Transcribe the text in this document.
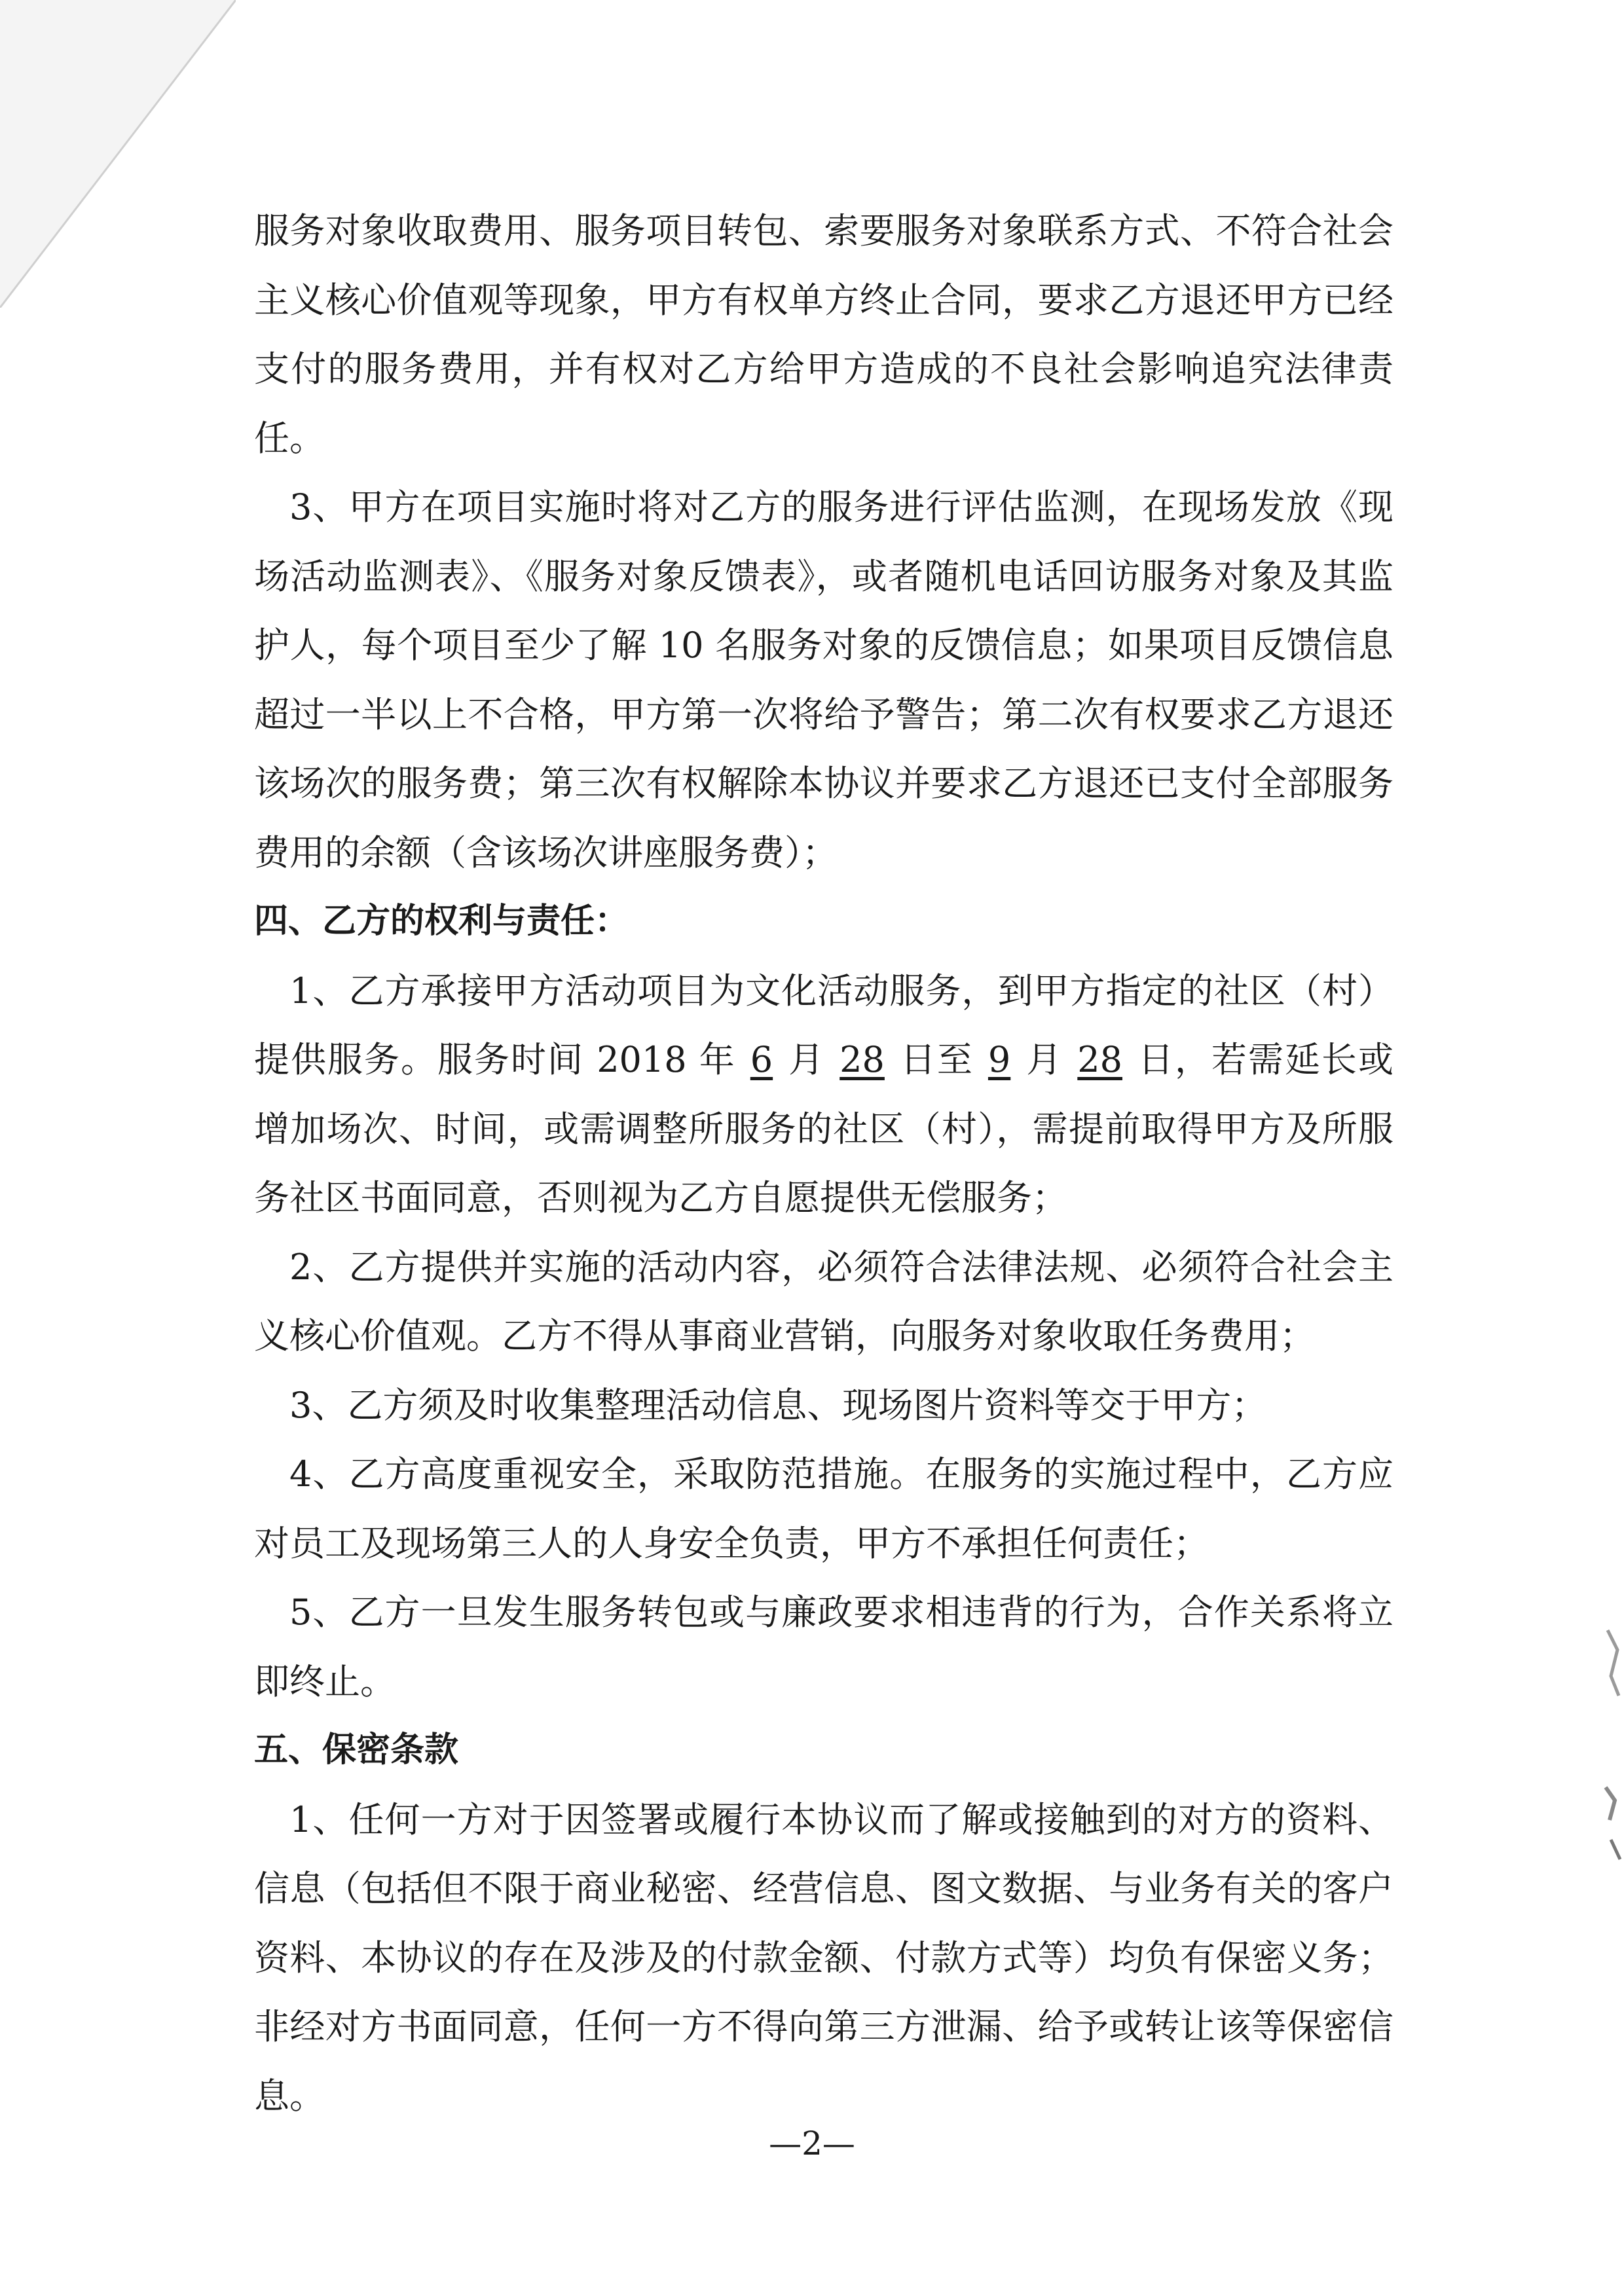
服务对象收取费用、服务项目转包、索要服务对象联系方式、不符合社会主义核心价值观等现象，甲方有权单方终止合同，要求乙方退还甲方已经支付的服务费用，并有权对乙方给甲方造成的不良社会影响追究法律责任。

3、甲方在项目实施时将对乙方的服务进行评估监测，在现场发放《现场活动监测表》、《服务对象反馈表》，或者随机电话回访服务对象及其监护人，每个项目至少了解 10 名服务对象的反馈信息；如果项目反馈信息超过一半以上不合格，甲方第一次将给予警告；第二次有权要求乙方退还该场次的服务费；第三次有权解除本协议并要求乙方退还已支付全部服务费用的余额（含该场次讲座服务费）；

四、乙方的权利与责任：

1、乙方承接甲方活动项目为文化活动服务，到甲方指定的社区（村）提供服务。服务时间 2018 年 6 月 28 日至 9 月 28 日，若需延长或增加场次、时间，或需调整所服务的社区（村），需提前取得甲方及所服务社区书面同意，否则视为乙方自愿提供无偿服务；

2、乙方提供并实施的活动内容，必须符合法律法规、必须符合社会主义核心价值观。乙方不得从事商业营销，向服务对象收取任务费用；

3、乙方须及时收集整理活动信息、现场图片资料等交于甲方；

4、乙方高度重视安全，采取防范措施。在服务的实施过程中，乙方应对员工及现场第三人的人身安全负责，甲方不承担任何责任；

5、乙方一旦发生服务转包或与廉政要求相违背的行为，合作关系将立即终止。

五、保密条款

1、任何一方对于因签署或履行本协议而了解或接触到的对方的资料、信息（包括但不限于商业秘密、经营信息、图文数据、与业务有关的客户资料、本协议的存在及涉及的付款金额、付款方式等）均负有保密义务；非经对方书面同意，任何一方不得向第三方泄漏、给予或转让该等保密信息。

—2—
